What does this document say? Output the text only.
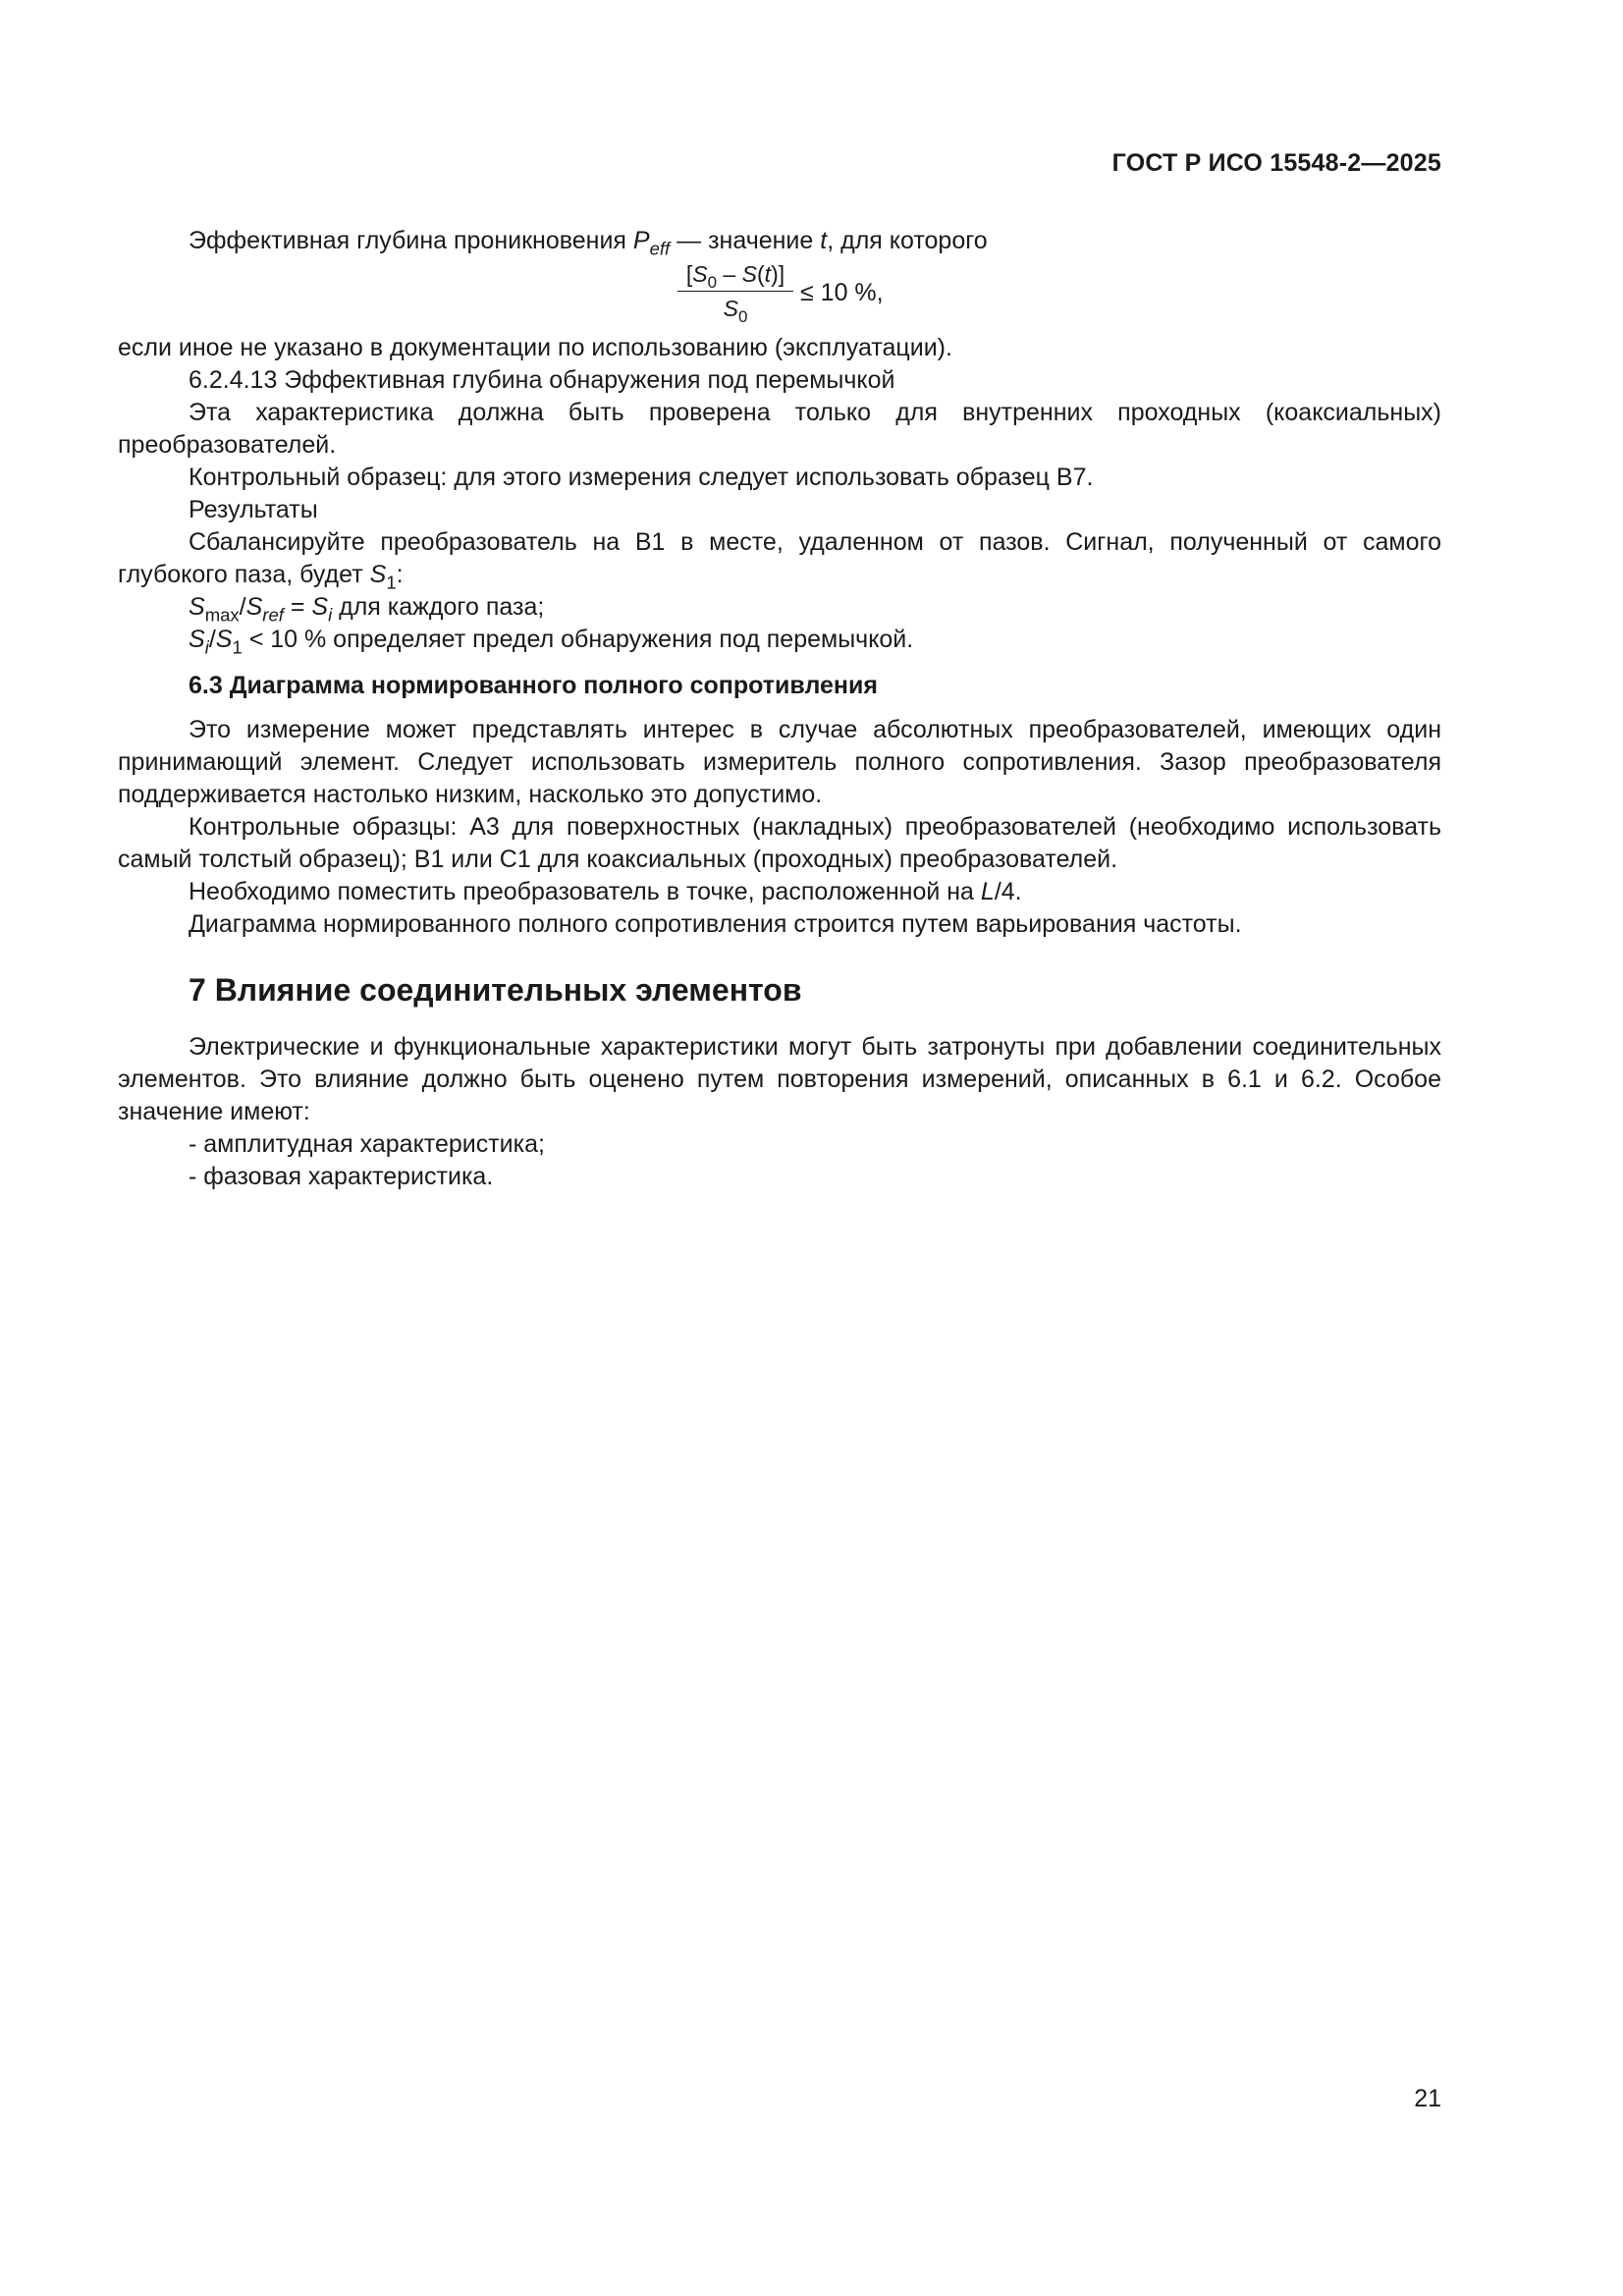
ГОСТ Р ИСО 15548-2—2025

Эффективная глубина проникновения $P_{eff}$ — значение t, для которого

$[S_0 - S(t)]$
$S_0$
≤ 10 %,

если иное не указано в документации по использованию (эксплуатации).

6.2.4.13 Эффективная глубина обнаружения под перемычкой

Эта характеристика должна быть проверена только для внутренних проходных (коаксиальных) преобразователей.

Контрольный образец: для этого измерения следует использовать образец В7.

Результаты

Сбалансируйте преобразователь на В1 в месте, удаленном от пазов. Сигнал, полученный от самого глубокого паза, будет $S_1$:

$S_{max}/S_{ref} = S_i$ для каждого паза;

$S_i/S_1 < 10$ % определяет предел обнаружения под перемычкой.

6.3 Диаграмма нормированного полного сопротивления

Это измерение может представлять интерес в случае абсолютных преобразователей, имеющих один принимающий элемент. Следует использовать измеритель полного сопротивления. Зазор преобразователя поддерживается настолько низким, насколько это допустимо.

Контрольные образцы: А3 для поверхностных (накладных) преобразователей (необходимо использовать самый толстый образец); В1 или С1 для коаксиальных (проходных) преобразователей.

Необходимо поместить преобразователь в точке, расположенной на L/4.

Диаграмма нормированного полного сопротивления строится путем варьирования частоты.

7 Влияние соединительных элементов

Электрические и функциональные характеристики могут быть затронуты при добавлении соединительных элементов. Это влияние должно быть оценено путем повторения измерений, описанных в 6.1 и 6.2. Особое значение имеют:

- амплитудная характеристика;

- фазовая характеристика.

21
